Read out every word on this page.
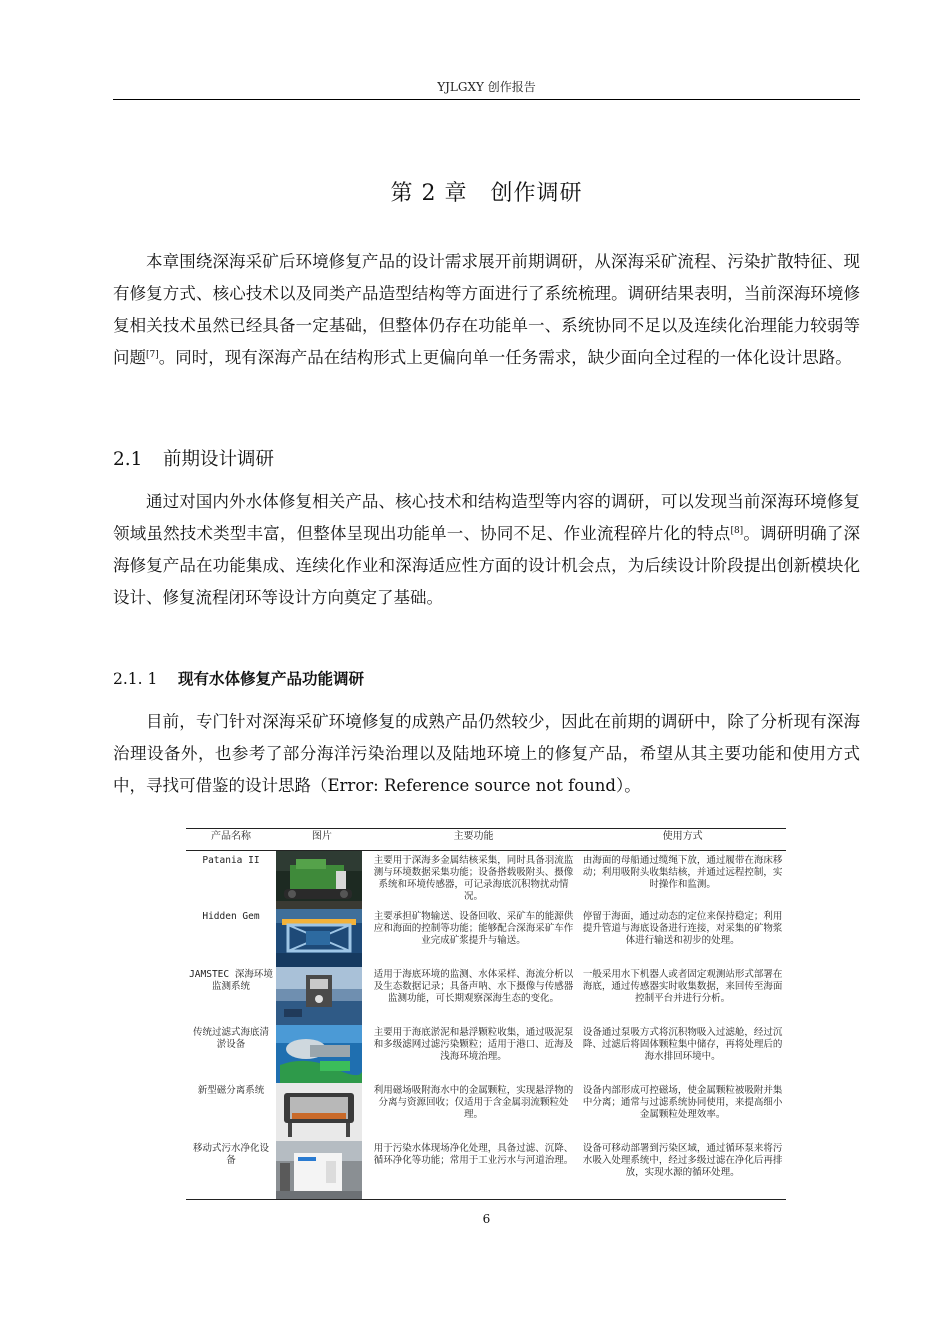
YJLGXY 创作报告
第 2 章　创作调研

本章围绕深海采矿后环境修复产品的设计需求展开前期调研，从深海采矿流程、污染扩散特征、现有修复方式、核心技术以及同类产品造型结构等方面进行了系统梳理。调研结果表明，当前深海环境修复相关技术虽然已经具备一定基础，但整体仍存在功能单一、系统协同不足以及连续化治理能力较弱等问题[7]。同时，现有深海产品在结构形式上更偏向单一任务需求，缺少面向全过程的一体化设计思路。

2.1 前期设计调研

通过对国内外水体修复相关产品、核心技术和结构造型等内容的调研，可以发现当前深海环境修复领域虽然技术类型丰富，但整体呈现出功能单一、协同不足、作业流程碎片化的特点[8]。调研明确了深海修复产品在功能集成、连续化作业和深海适应性方面的设计机会点，为后续设计阶段提出创新模块化设计、修复流程闭环等设计方向奠定了基础。

2.1. 1 现有水体修复产品功能调研

目前，专门针对深海采矿环境修复的成熟产品仍然较少，因此在前期的调研中，除了分析现有深海治理设备外，也参考了部分海洋污染治理以及陆地环境上的修复产品，希望从其主要功能和使用方式中，寻找可借鉴的设计思路（Error: Reference source not found）。

产品名称	图片	主要功能	使用方式
Patania II		主要用于深海多金属结核采集，同时具备羽流监测与环境数据采集功能；设备搭载吸附头、摄像系统和环境传感器，可记录海底沉积物扰动情况。	由海面的母船通过缆绳下放，通过履带在海床移动；利用吸附头收集结核，并通过远程控制，实时操作和监测。
Hidden Gem		主要承担矿物输送、设备回收、采矿车的能源供应和海面的控制等功能；能够配合深海采矿车作业完成矿浆提升与输送。	停留于海面，通过动态的定位来保持稳定；利用提升管道与海底设备进行连接，对采集的矿物浆体进行输送和初步的处理。
JAMSTEC 深海环境监测系统		适用于海底环境的监测、水体采样、海流分析以及生态数据记录；具备声呐、水下摄像与传感器监测功能，可长期观察深海生态的变化。	一般采用水下机器人或者固定观测站形式部署在海底，通过传感器实时收集数据，来回传至海面控制平台并进行分析。
传统过滤式海底清淤设备		主要用于海底淤泥和悬浮颗粒收集，通过吸泥泵和多级滤网过滤污染颗粒；适用于港口、近海及浅海环境治理。	设备通过泵吸方式将沉积物吸入过滤舱，经过沉降、过滤后将固体颗粒集中储存，再将处理后的海水排回环境中。
新型磁分离系统		利用磁场吸附海水中的金属颗粒，实现悬浮物的分离与资源回收；仅适用于含金属羽流颗粒处理。	设备内部形成可控磁场，使金属颗粒被吸附并集中分离；通常与过滤系统协同使用，来提高细小金属颗粒处理效率。
移动式污水净化设备		用于污染水体现场净化处理，具备过滤、沉降、循环净化等功能；常用于工业污水与河道治理。	设备可移动部署到污染区域，通过循环泵来将污水吸入处理系统中，经过多级过滤在净化后再排放，实现水源的循环处理。
6
